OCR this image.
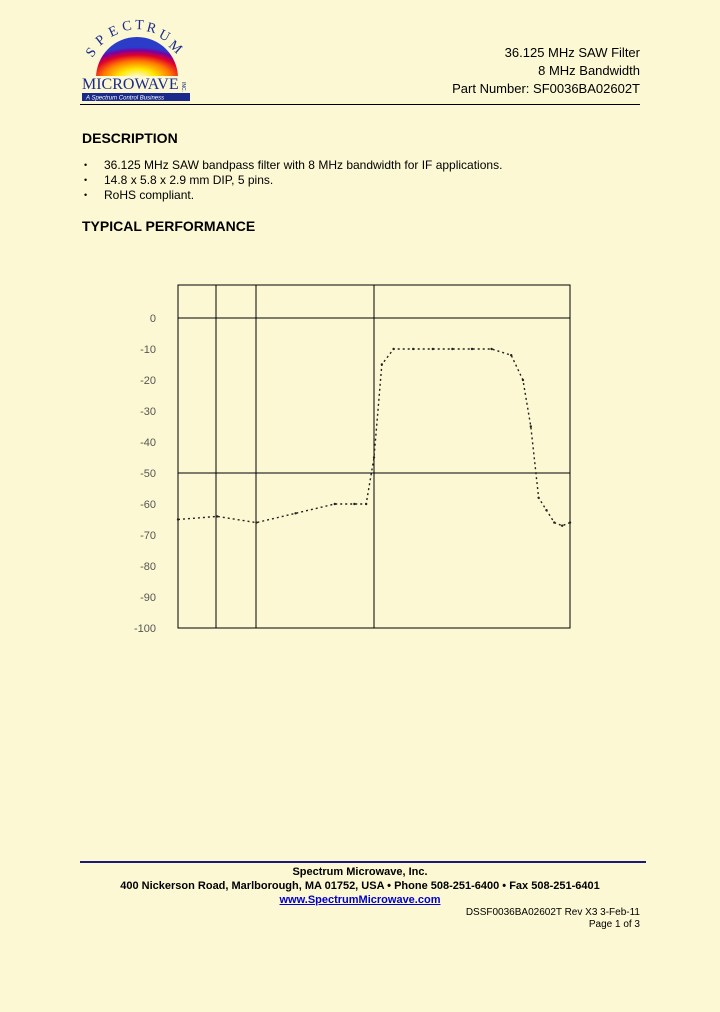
MICROWAVE INC.
A Spectrum Control Business
S
P
E C T R
U
M	36.125 MHz SAW Filter
8 MHz Bandwidth
Part Number: SF0036BA02602T
DESCRIPTION
• 36.125 MHz SAW bandpass filter with 8 MHz bandwidth for IF applications.
• 14.8 x 5.8 x 2.9 mm DIP, 5 pins.
• RoHS compliant.
TYPICAL PERFORMANCE
0
-10
-20
-30
-40
-50
-60
-70
-80
-90
-100
Spectrum Microwave, Inc.
400 Nickerson Road, Marlborough, MA 01752, USA • Phone 508-251-6400 • Fax 508-251-6401
www.SpectrumMicrowave.com
DSSF0036BA02602T Rev X3 3-Feb-11
Page 1 of 3
